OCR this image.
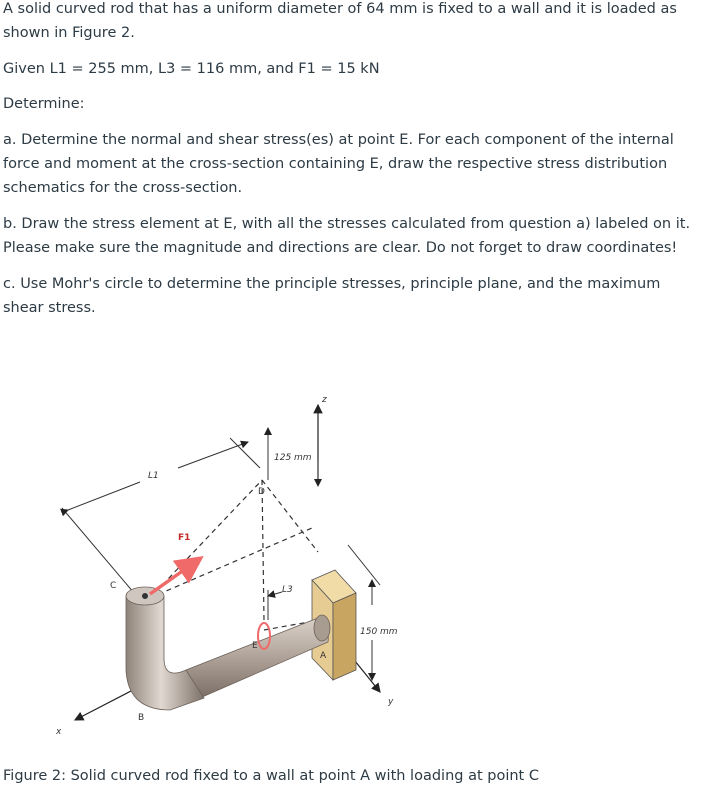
A solid curved rod that has a uniform diameter of 64 mm is fixed to a wall and it is loaded as shown in Figure 2.
Given L1 = 255 mm, L3 = 116 mm, and F1 = 15 kN
Determine:
a. Determine the normal and shear stress(es) at point E. For each component of the internal force and moment at the cross-section containing E, draw the respective stress distribution schematics for the cross-section.
b. Draw the stress element at E, with all the stresses calculated from question a) labeled on it. Please make sure the magnitude and directions are clear. Do not forget to draw coordinates!
c. Use Mohr's circle to determine the principle stresses, principle plane, and the maximum shear stress.
z
x
y
125 mm
150 mm
L1
L3
F1
A
B
C
D
E
Figure 2: Solid curved rod fixed to a wall at point A with loading at point C
